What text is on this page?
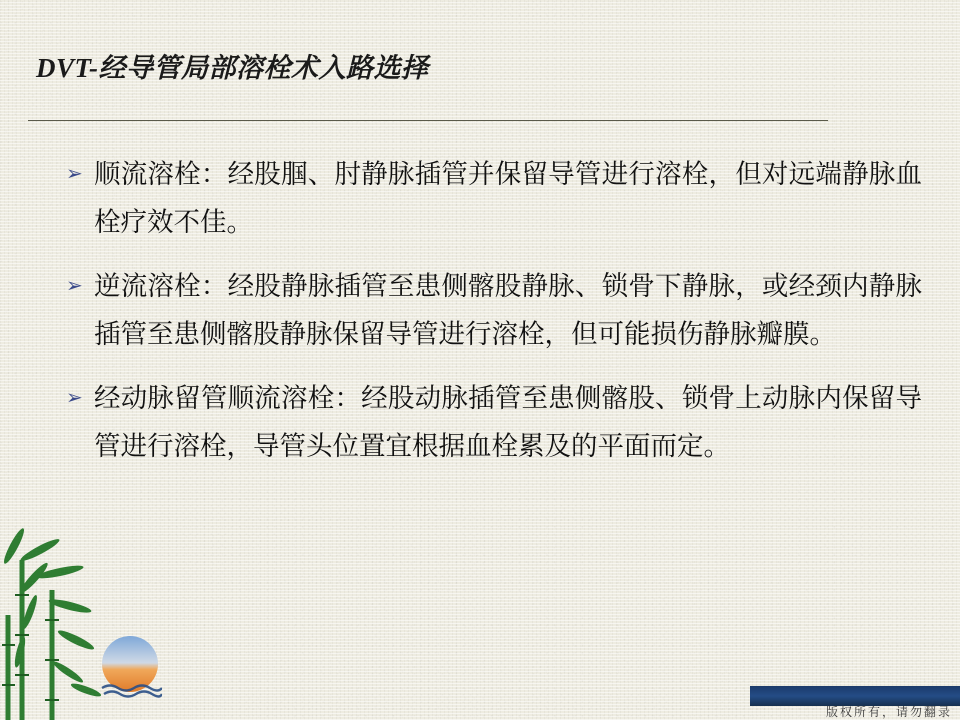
DVT-经导管局部溶栓术入路选择
➢ 顺流溶栓：经股腘、肘静脉插管并保留导管进行溶栓，但对远端静脉血栓疗效不佳。
➢ 逆流溶栓：经股静脉插管至患侧髂股静脉、锁骨下静脉，或经颈内静脉插管至患侧髂股静脉保留导管进行溶栓，但可能损伤静脉瓣膜。
➢ 经动脉留管顺流溶栓：经股动脉插管至患侧髂股、锁骨上动脉内保留导管进行溶栓，导管头位置宜根据血栓累及的平面而定。
版权所有，请勿翻录
